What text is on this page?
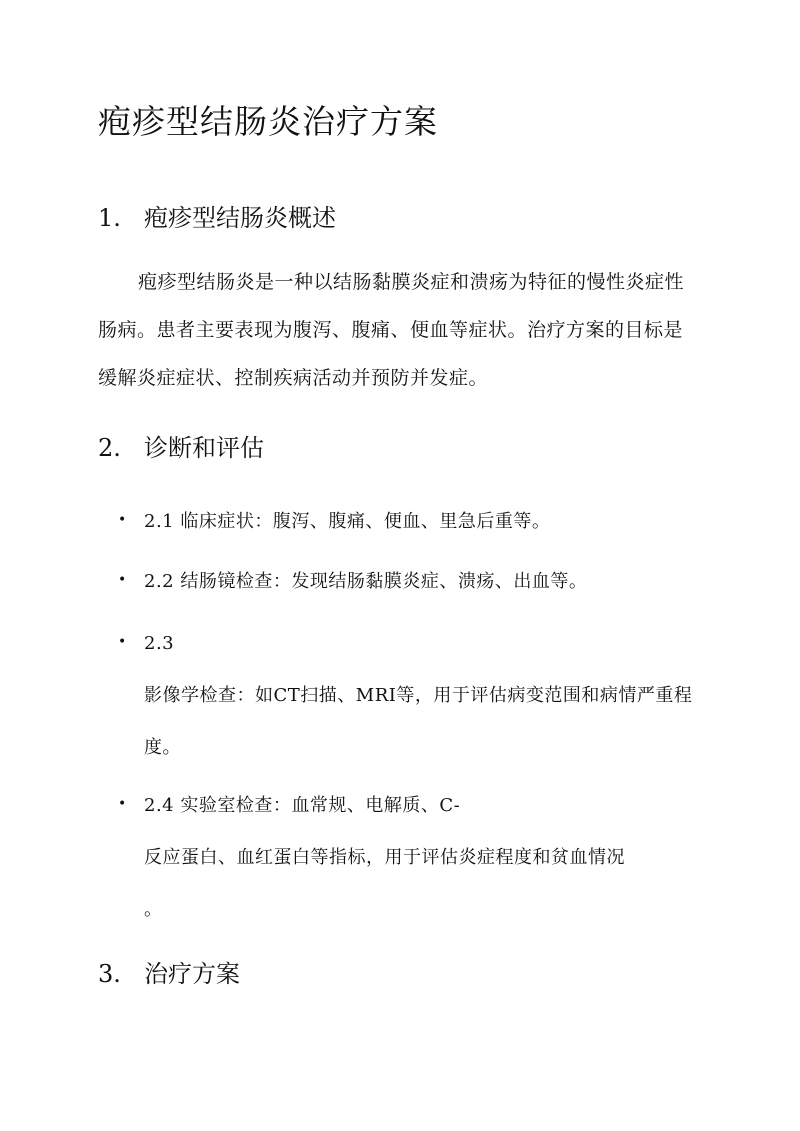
疱疹型结肠炎治疗方案
1. 疱疹型结肠炎概述

疱疹型结肠炎是一种以结肠黏膜炎症和溃疡为特征的慢性炎症性肠病。患者主要表现为腹泻、腹痛、便血等症状。治疗方案的目标是缓解炎症症状、控制疾病活动并预防并发症。

2. 诊断和评估
• 2.1 临床症状：腹泻、腹痛、便血、里急后重等。
• 2.2 结肠镜检查：发现结肠黏膜炎症、溃疡、出血等。
• 2.3
影像学检查：如CT扫描、MRI等，用于评估病变范围和病情严重程度。
• 2.4 实验室检查：血常规、电解质、C-
反应蛋白、血红蛋白等指标，用于评估炎症程度和贫血情况
。
3. 治疗方案
